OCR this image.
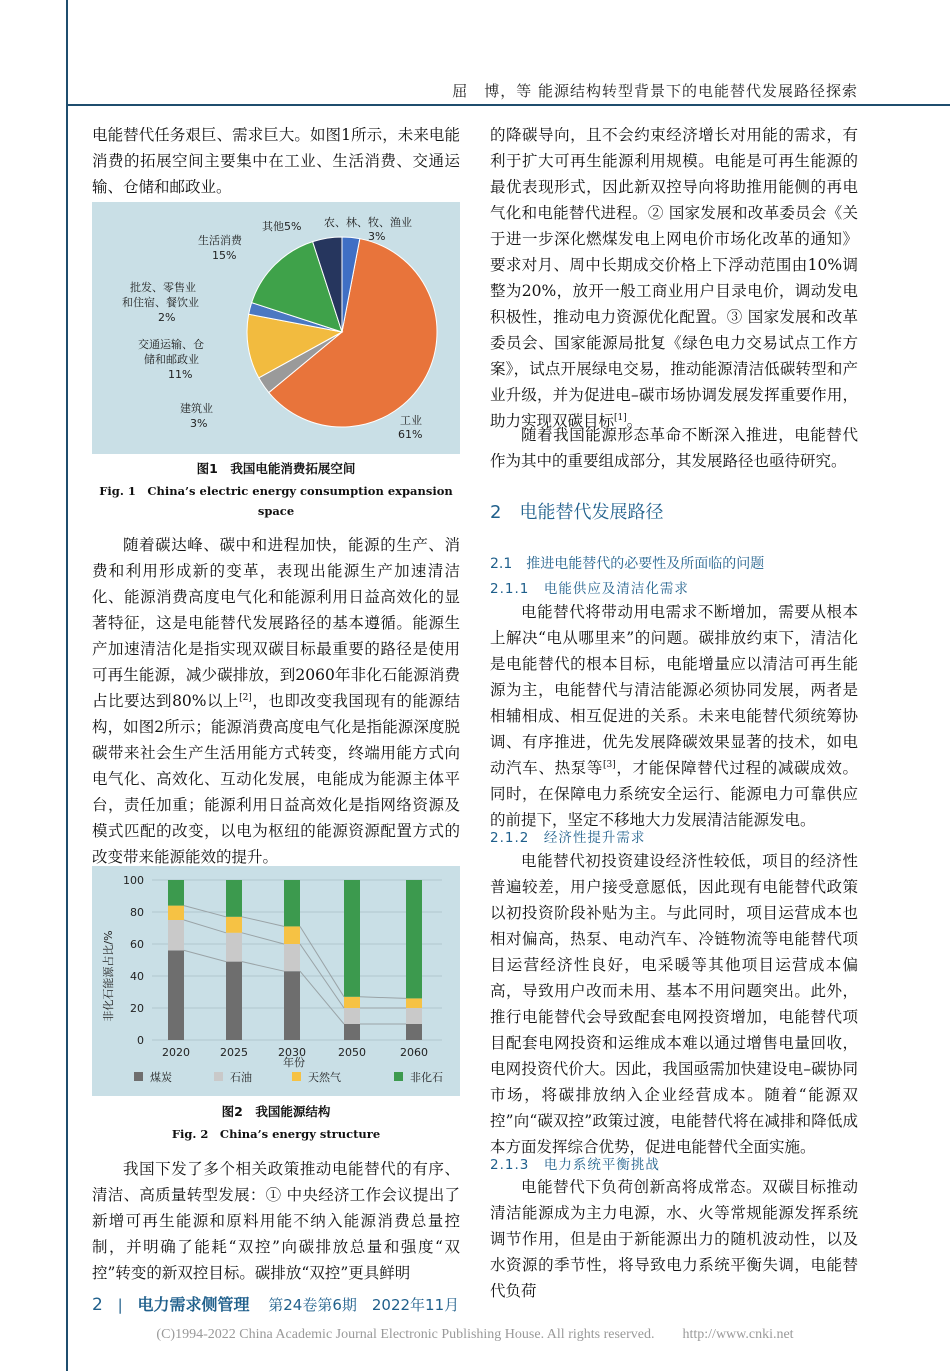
屈　博，等 能源结构转型背景下的电能替代发展路径探索

电能替代任务艰巨、需求巨大。如图1所示，未来电能消费的拓展空间主要集中在工业、生活消费、交通运输、仓储和邮政业。

工业
61%
建筑业
3%
交通运输、仓
储和邮政业
11%
批发、零售业
和住宿、餐饮业
2%
生活消费
15%
其他5% 农、林、牧、渔业
3%
图1　我国电能消费拓展空间
Fig. 1　China’s electric energy consumption expansion
space

随着碳达峰、碳中和进程加快，能源的生产、消费和利用形成新的变革，表现出能源生产加速清洁化、能源消费高度电气化和能源利用日益高效化的显著特征，这是电能替代发展路径的基本遵循。能源生产加速清洁化是指实现双碳目标最重要的路径是使用可再生能源，减少碳排放，到2060年非化石能源消费占比要达到80%以上[2]，也即改变我国现有的能源结构，如图2所示；能源消费高度电气化是指能源深度脱碳带来社会生产生活用能方式转变，终端用能方式向电气化、高效化、互动化发展，电能成为能源主体平台，责任加重；能源利用日益高效化是指网络资源及模式匹配的改变，以电为枢纽的能源资源配置方式的改变带来能源能效的提升。

0
20
40
60
80
100
2020	2025	2030	2050	2060
非化石能源占比/%
年份
煤炭	石油	天然气	非化石
图2　我国能源结构
Fig. 2　China’s energy structure

我国下发了多个相关政策推动电能替代的有序、清洁、高质量转型发展：① 中央经济工作会议提出了新增可再生能源和原料用能不纳入能源消费总量控制，并明确了能耗“双控”向碳排放总量和强度“双控”转变的新双控目标。碳排放“双控”更具鲜明

的降碳导向，且不会约束经济增长对用能的需求，有利于扩大可再生能源利用规模。电能是可再生能源的最优表现形式，因此新双控导向将助推用能侧的再电气化和电能替代进程。② 国家发展和改革委员会《关于进一步深化燃煤发电上网电价市场化改革的通知》要求对月、周中长期成交价格上下浮动范围由10%调整为20%，放开一般工商业用户目录电价，调动发电积极性，推动电力资源优化配置。③ 国家发展和改革委员会、国家能源局批复《绿色电力交易试点工作方案》，试点开展绿电交易，推动能源清洁低碳转型和产业升级，并为促进电–碳市场协调发展发挥重要作用，助力实现双碳目标[1]。

随着我国能源形态革命不断深入推进，电能替代作为其中的重要组成部分，其发展路径也亟待研究。

2　电能替代发展路径
2.1　推进电能替代的必要性及所面临的问题
2.1.1　电能供应及清洁化需求

电能替代将带动用电需求不断增加，需要从根本上解决“电从哪里来”的问题。碳排放约束下，清洁化是电能替代的根本目标，电能增量应以清洁可再生能源为主，电能替代与清洁能源必须协同发展，两者是相辅相成、相互促进的关系。未来电能替代须统筹协调、有序推进，优先发展降碳效果显著的技术，如电动汽车、热泵等[3]，才能保障替代过程的减碳成效。同时，在保障电力系统安全运行、能源电力可靠供应的前提下，坚定不移地大力发展清洁能源发电。

2.1.2　经济性提升需求

电能替代初投资建设经济性较低，项目的经济性普遍较差，用户接受意愿低，因此现有电能替代政策以初投资阶段补贴为主。与此同时，项目运营成本也相对偏高，热泵、电动汽车、冷链物流等电能替代项目运营经济性良好，电采暖等其他项目运营成本偏高，导致用户改而未用、基本不用问题突出。此外，推行电能替代会导致配套电网投资增加，电能替代项目配套电网投资和运维成本难以通过增售电量回收，电网投资代价大。因此，我国亟需加快建设电–碳协同市场，将碳排放纳入企业经营成本。随着“能源双控”向“碳双控”政策过渡，电能替代将在减排和降低成本方面发挥综合优势，促进电能替代全面实施。

2.1.3　电力系统平衡挑战

电能替代下负荷创新高将成常态。双碳目标推动清洁能源成为主力电源，水、火等常规能源发挥系统调节作用，但是由于新能源出力的随机波动性，以及水资源的季节性，将导致电力系统平衡失调，电能替代负荷

2 | 电力需求侧管理 第24卷第6期　2022年11月
(C)1994-2022 China Academic Journal Electronic Publishing House. All rights reserved.　　http://www.cnki.net
